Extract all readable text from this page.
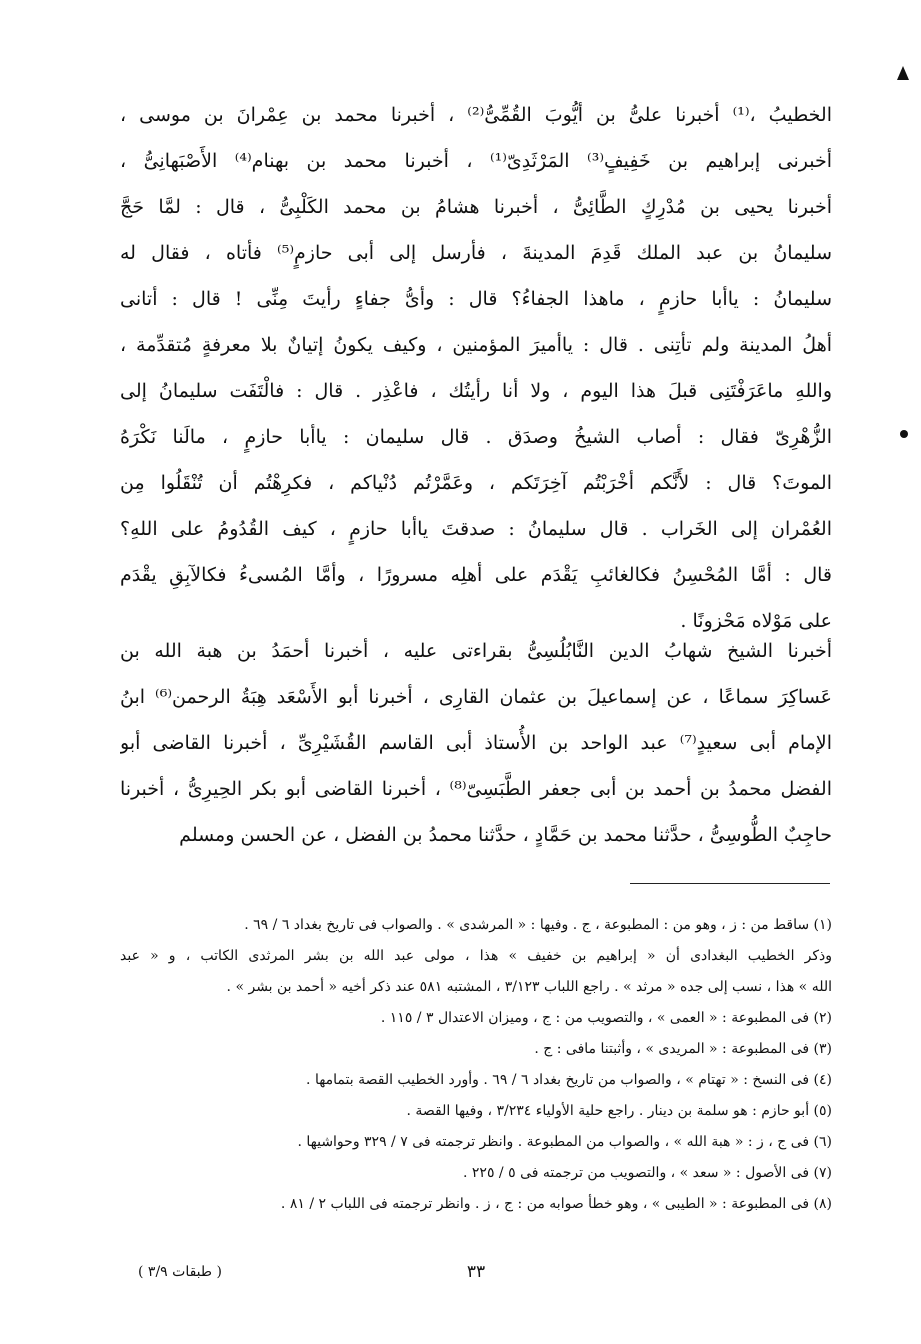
الخطيبُ ،⁽¹⁾ أخبرنا علىُّ بن أيُّوبَ القُمِّىُّ⁽²⁾ ، أخبرنا محمد بن عِمْرانَ بن موسى ،
أخبرنى إبراهيم بن خَفِيفٍ⁽³⁾ المَرْثَدِىّ⁽¹⁾ ، أخبرنا محمد بن بهنام⁽⁴⁾ الأَصْبَهانِىُّ ،
أخبرنا يحيى بن مُدْرِكٍ الطَّائِىُّ ، أخبرنا هشامُ بن محمد الكَلْبِىُّ ، قال : لمَّا حَجَّ
سليمانُ بن عبد الملك قَدِمَ المدينةَ ، فأرسل إلى أبى حازمٍ⁽⁵⁾ فأتاه ، فقال له
سليمانُ : ياأبا حازمٍ ، ماهذا الجفاءُ؟ قال : وأىُّ جفاءٍ رأيتَ مِنِّى ! قال : أتانى
أهلُ المدينة ولم تأتِنى . قال : ياأميرَ المؤمنين ، وكيف يكونُ إتيانٌ بلا معرفةٍ مُتقدِّمة ،
واللهِ ماعَرَفْتَنِى قبلَ هذا اليوم ، ولا أنا رأيتُك ، فاعْذِر . قال : فالْتَفَت سليمانُ إلى
الزُّهْرِىّ فقال : أصاب الشيخُ وصدَق . قال سليمان : ياأبا حازمٍ ، مالَنا نَكْرَهُ
الموتَ؟ قال : لأَنَّكم أخْرَبْتُم آخِرَتَكم ، وعَمَّرْتُم دُنْياكم ، فكرِهْتُم أن تُنْقَلُوا مِن
العُمْران إلى الخَراب . قال سليمانُ : صدقتَ ياأبا حازمٍ ، كيف القُدُومُ على اللهِ؟
قال : أمَّا المُحْسِنُ فكالغائبِ يَقْدَم على أهلِه مسرورًا ، وأمَّا المُسىءُ فكالآبِقِ يقْدَم
على مَوْلاه مَحْزونًا .
أخبرنا الشيخ شهابُ الدين النَّابُلُسِىُّ بقراءتى عليه ، أخبرنا أحمَدُ بن هبة الله بن
عَساكِرَ سماعًا ، عن إسماعيلَ بن عثمان القارِى ، أخبرنا أبو الأَسْعَد هِبَةُ الرحمن⁽⁶⁾ ابنُ
الإمام أبى سعيدٍ⁽⁷⁾ عبد الواحد بن الأُستاذ أبى القاسم القُشَيْرِىِّ ، أخبرنا القاضى أبو
الفضل محمدُ بن أحمد بن أبى جعفر الطَّبَسِىّ⁽⁸⁾ ، أخبرنا القاضى أبو بكر الحِيرِىُّ ، أخبرنا
حاجِبٌ الطُّوسِىُّ ، حدَّثنا محمد بن حَمَّادٍ ، حدَّثنا محمدُ بن الفضل ، عن الحسن ومسلم
(١) ساقط من : ز ، وهو من : المطبوعة ، ج . وفيها : « المرشدى » . والصواب فى تاريخ بغداد ٦ / ٦٩ .
وذكر الخطيب البغدادى أن « إبراهيم بن خفيف » هذا ، مولى عبد الله بن بشر المرثدى الكاتب ، و « عبد
الله » هذا ، نسب إلى جده « مرثد » . راجع اللباب ٣/١٢٣ ، المشتبه ٥٨١ عند ذكر أخيه « أحمد بن بشر » .
(٢) فى المطبوعة : « العمى » ، والتصويب من : ج ، وميزان الاعتدال ٣ / ١١٥ .
(٣) فى المطبوعة : « المريدى » ، وأثبتنا مافى : ج .
(٤) فى النسخ : « تهتام » ، والصواب من تاريخ بغداد ٦ / ٦٩ . وأورد الخطيب القصة بتمامها .
(٥) أبو حازم : هو سلمة بن دينار . راجع حلية الأولياء ٣/٢٣٤ ، وفيها القصة .
(٦) فى ج ، ز : « هبة الله » ، والصواب من المطبوعة . وانظر ترجمته فى ٧ / ٣٢٩ وحواشيها .
(٧) فى الأصول : « سعد » ، والتصويب من ترجمته فى ٥ / ٢٢٥ .
(٨) فى المطبوعة : « الطيبى » ، وهو خطأ صوابه من : ج ، ز . وانظر ترجمته فى اللباب ٢ / ٨١ .
٣٣
( طبقات ٣/٩ )
